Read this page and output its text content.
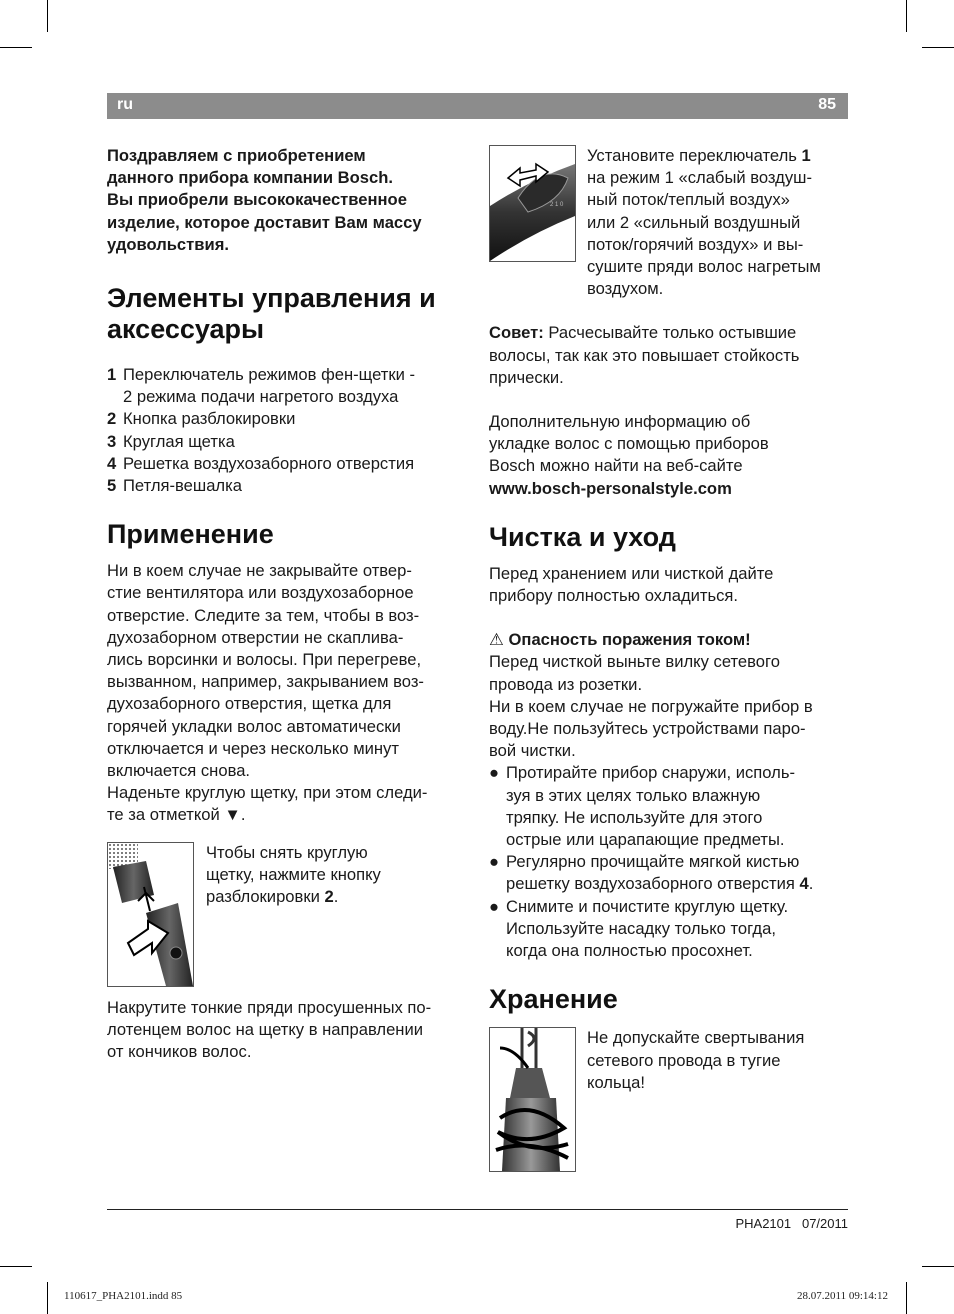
ru	85

Поздравляем с приобретением

данного прибора компании Bosch.

Вы приобрели высококачественное

изделие, которое доставит Вам массу

удовольствия.

Элементы управления и
аксессуары
1 Переключатель режимов фен-щетки -
2 режима подачи нагретого воздуха
2 Кнопка разблокировки
3 Круглая щетка
4 Решетка воздухозаборного отверстия
5 Петля-вешалка
Применение

Ни в коем случае не закрывайте отвер-

стие вентилятора или воздухозаборное

отверстие. Следите за тем, чтобы в воз-

духозаборном отверстии не скаплива-

лись ворсинки и волосы. При перегреве,

вызванном, например, закрыванием воз-

духозаборного отверстия, щетка для

горячей укладки волос автоматически

отключается и через несколько минут

включается снова.

Наденьте круглую щетку, при этом следи-

те за отметкой ▼.

Чтобы снять круглую

щетку, нажмите кнопку

разблокировки 2.

Накрутите тонкие пряди просушенных по-

лотенцем волос на щетку в направлении

от кончиков волос.

2 1 0

Установите переключатель 1

на режим 1 «слабый воздуш-

ный поток/теплый воздух»

или 2 «сильный воздушный

поток/горячий воздух» и вы-

сушите пряди волос нагретым

воздухом.

Совет: Расчесывайте только остывшие

волосы, так как это повышает стойкость

прически.

Дополнительную информацию об

укладке волос с помощью приборов

Bosch можно найти на веб-сайте

www.bosch-personalstyle.com

Чистка и уход

Перед хранением или чисткой дайте

прибору полностью охладиться.

⚠ Опасность поражения током!

Перед чисткой выньте вилку сетевого

провода из розетки.

Ни в коем случае не погружайте прибор в

воду.Не пользуйтесь устройствами паро-

вой чистки.

● Протирайте прибор снаружи, исполь-
зуя в этих целях только влажную
тряпку. Не используйте для этого
острые или царапающие предметы.
● Регулярно прочищайте мягкой кистью
решетку воздухозаборного отверстия 4.
● Снимите и почистите круглую щетку.
Используйте насадку только тогда,
когда она полностью просохнет.
Хранение

Не допускайте свертывания

сетевого провода в тугие

кольца!

PHA2101 07/2011
110617_PHA2101.indd 85	28.07.2011 09:14:12
